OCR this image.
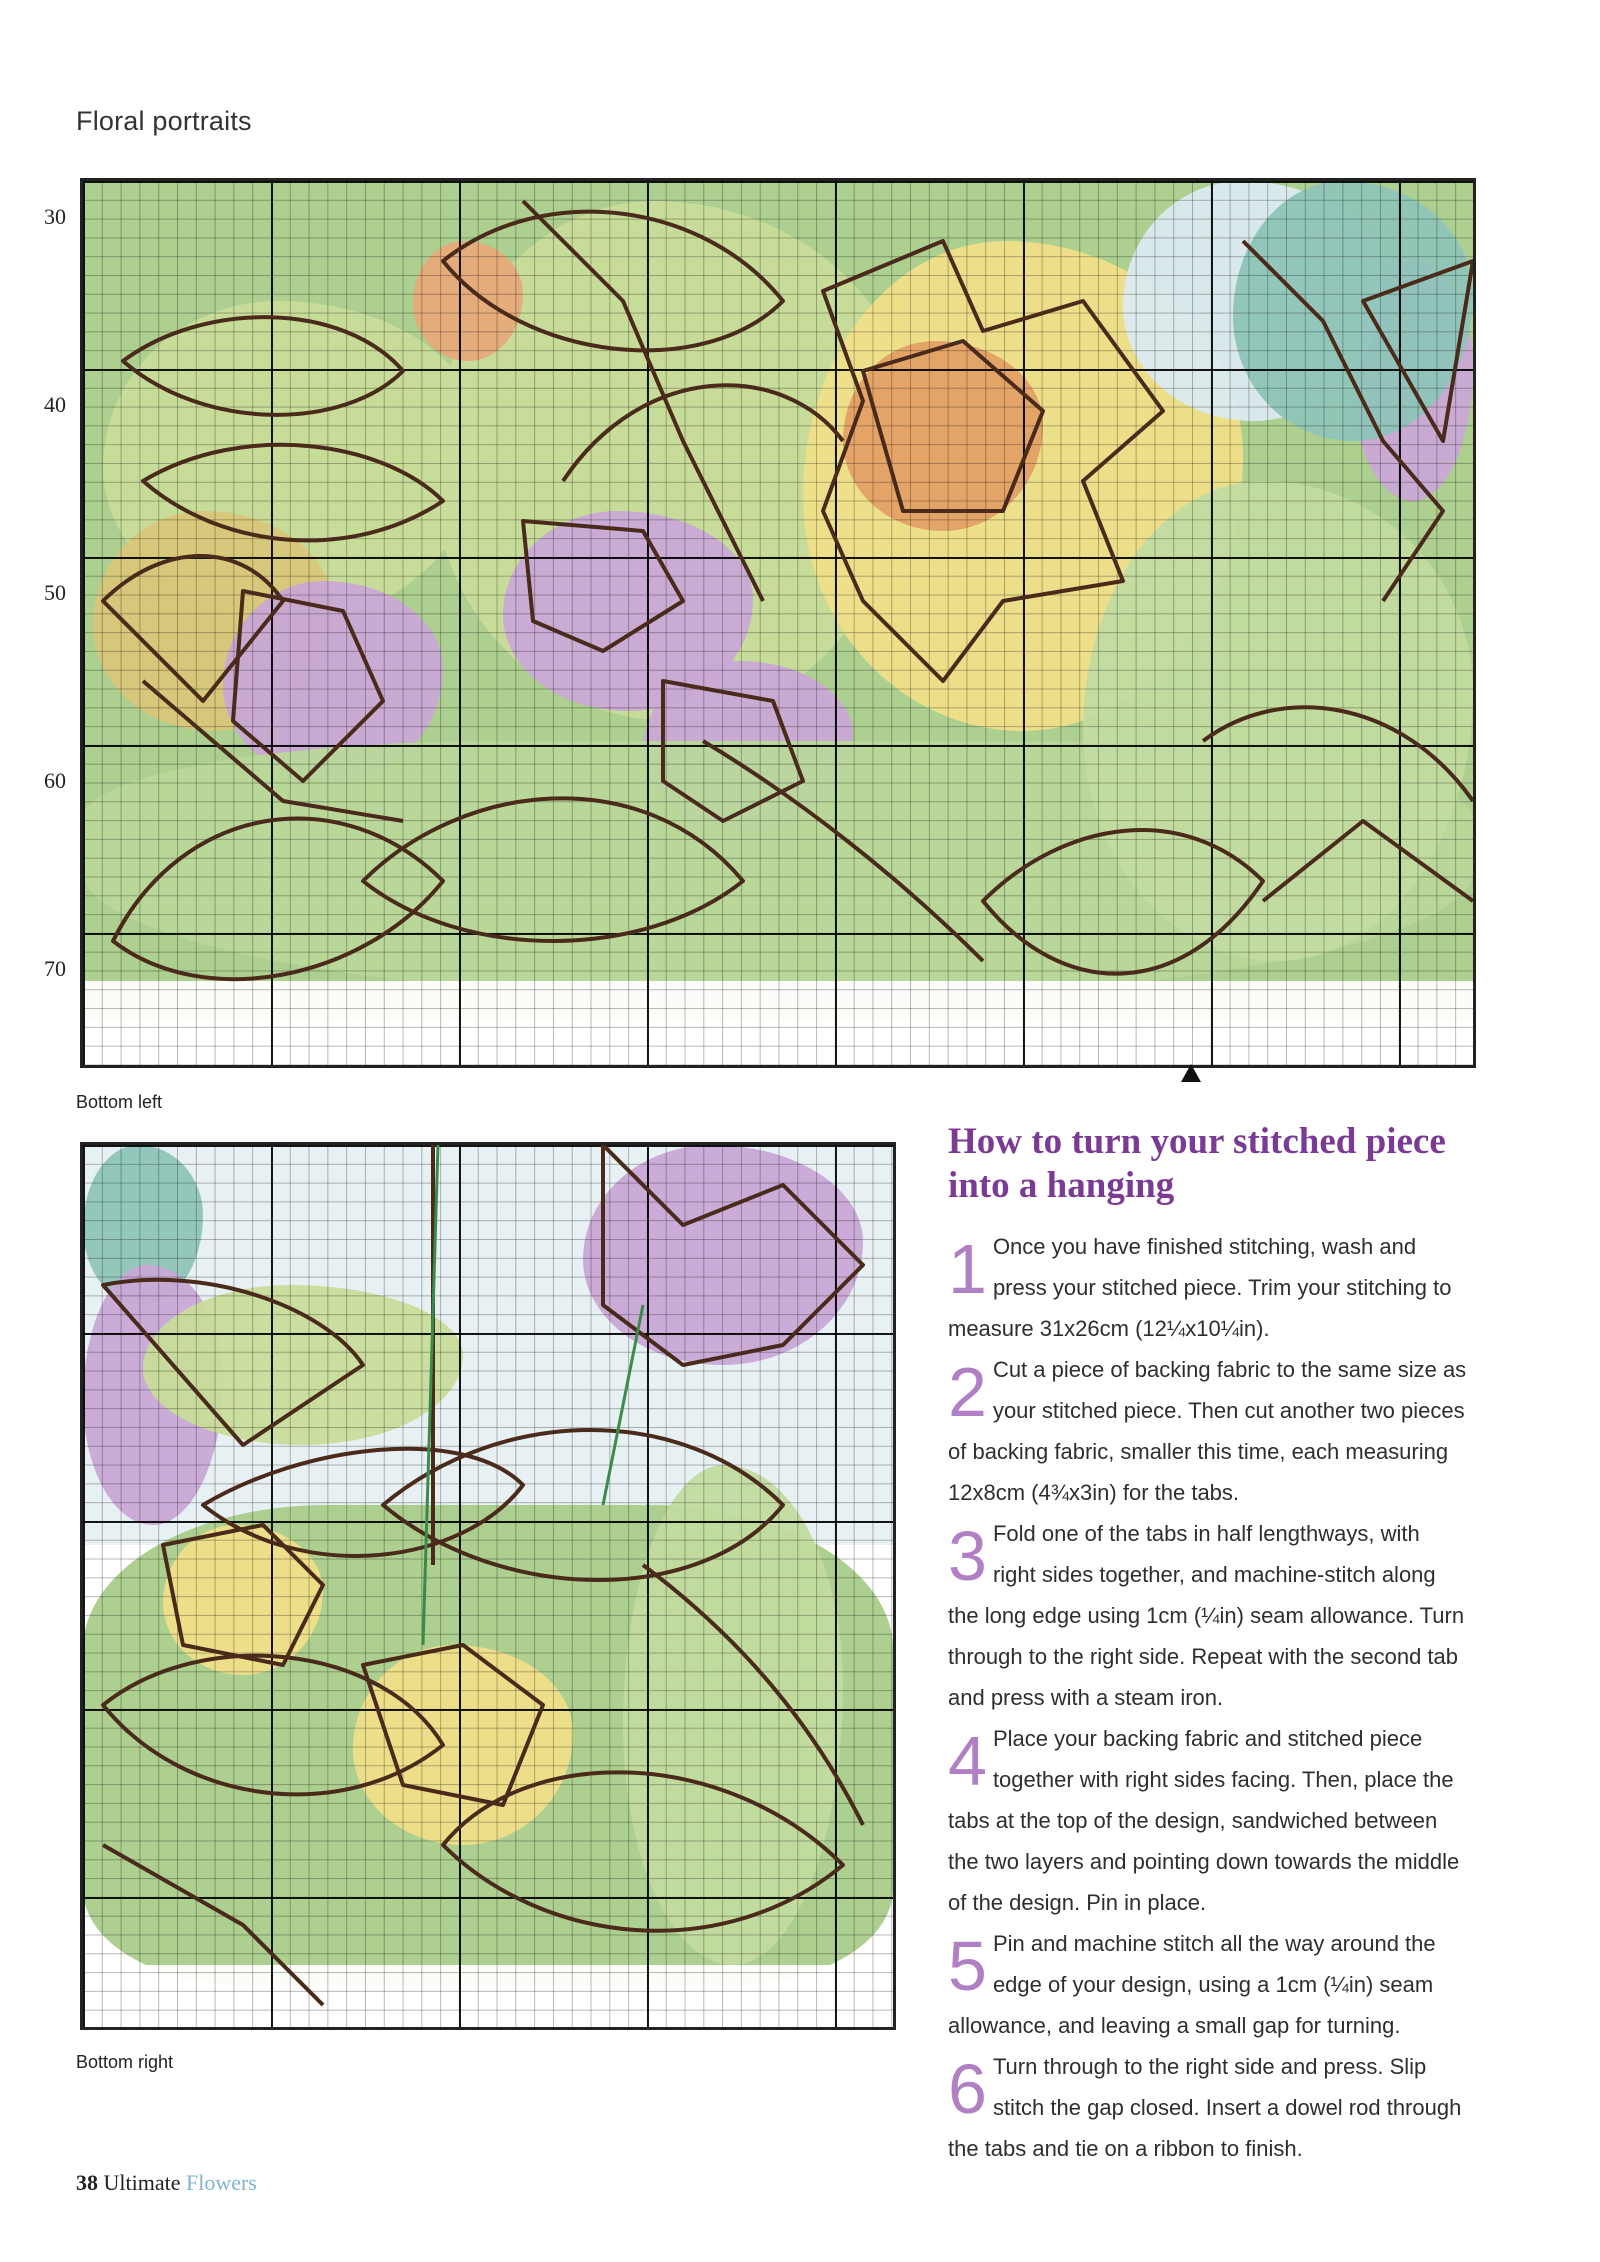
Floral portraits
30
40
50
60
70
Bottom left
Bottom right
How to turn your stitched piece into a hanging

1 Once you have finished stitching, wash and press your stitched piece. Trim your stitching to measure 31x26cm (12¼x10¼in).

2 Cut a piece of backing fabric to the same size as your stitched piece. Then cut another two pieces of backing fabric, smaller this time, each measuring 12x8cm (4¾x3in) for the tabs.

3 Fold one of the tabs in half lengthways, with right sides together, and machine-stitch along the long edge using 1cm (¼in) seam allowance. Turn through to the right side. Repeat with the second tab and press with a steam iron.

4 Place your backing fabric and stitched piece together with right sides facing. Then, place the tabs at the top of the design, sandwiched between the two layers and pointing down towards the middle of the design. Pin in place.

5 Pin and machine stitch all the way around the edge of your design, using a 1cm (¼in) seam allowance, and leaving a small gap for turning.

6 Turn through to the right side and press. Slip stitch the gap closed. Insert a dowel rod through the tabs and tie on a ribbon to finish.

38 Ultimate Flowers
